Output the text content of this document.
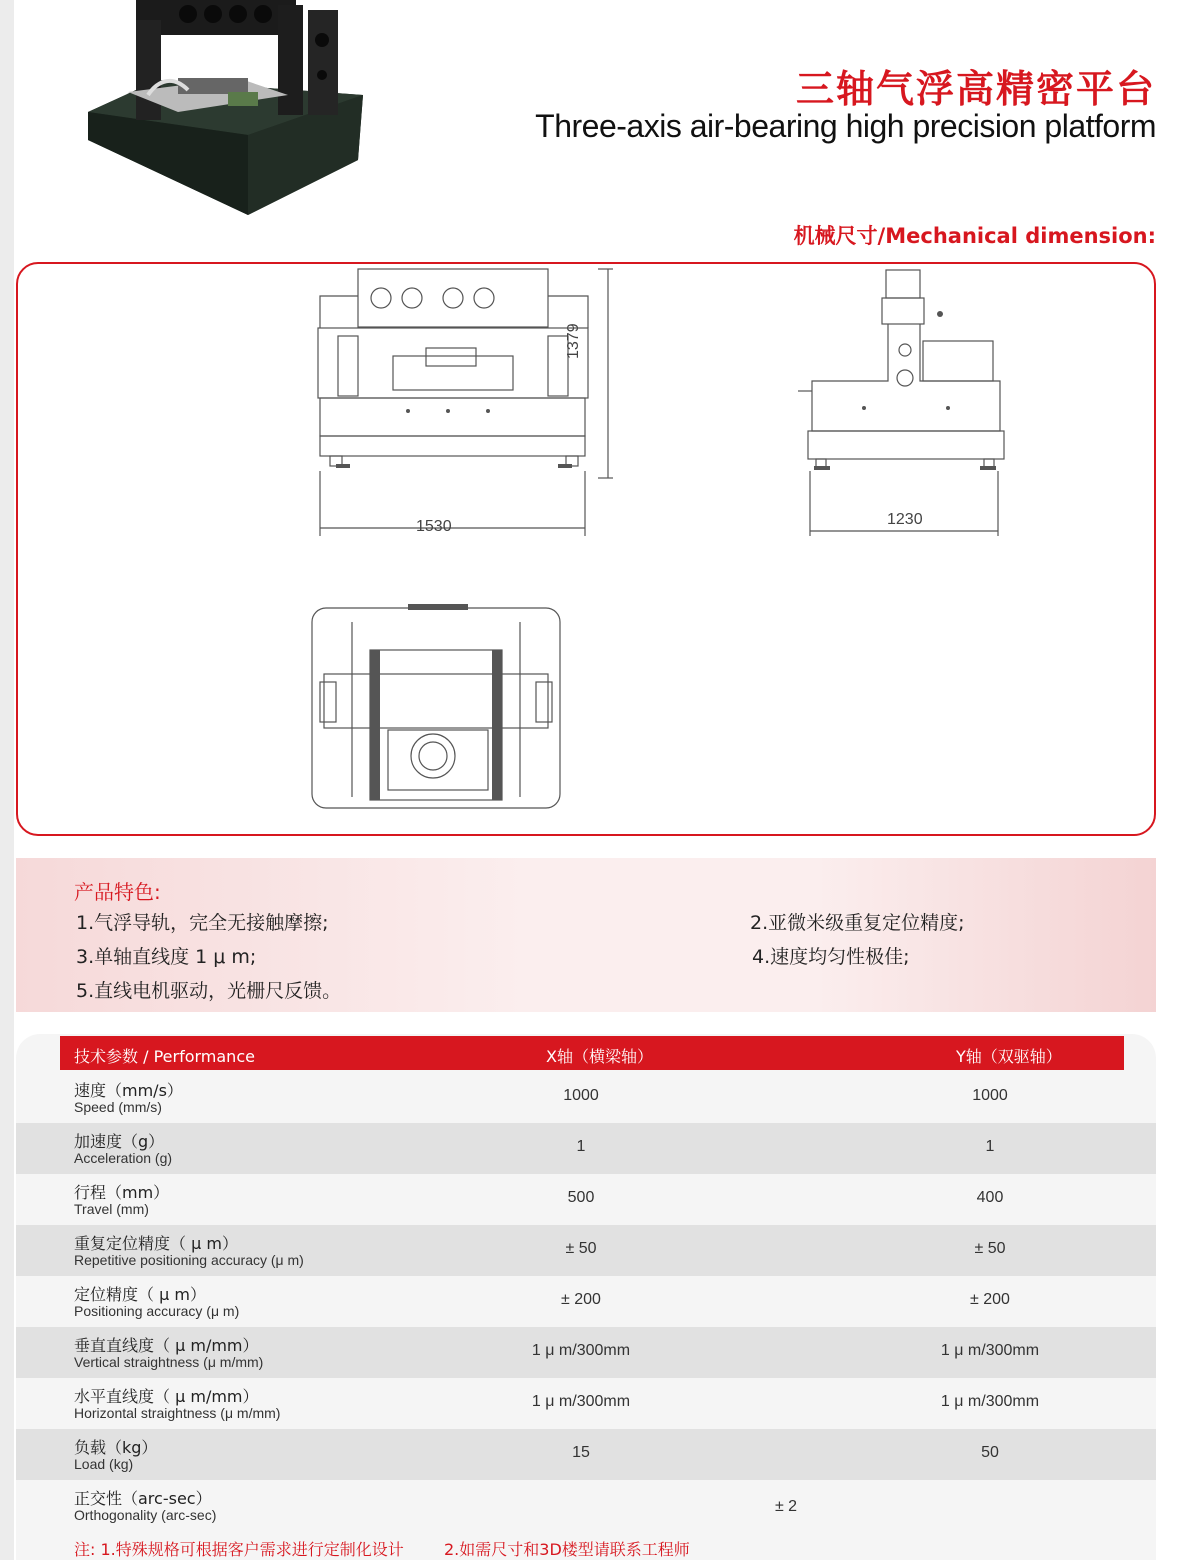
三轴气浮高精密平台
Three-axis air-bearing high precision platform
机械尺寸/Mechanical dimension:
1530
1379
1230
产品特色:
1.气浮导轨，完全无接触摩擦;	2.亚微米级重复定位精度;
3.单轴直线度 1 μ m;	4.速度均匀性极佳;
5.直线电机驱动，光栅尺反馈。
技术参数 / Performance	X轴（横梁轴）	Y轴（双驱轴）
速度（mm/s）
Speed (mm/s)
1000	1000
加速度（g）
Acceleration (g)
1	1
行程（mm）
Travel (mm)
500	400
重复定位精度（ μ m）
Repetitive positioning accuracy (μ m)
± 50	± 50
定位精度（ μ m）
Positioning accuracy (μ m)
± 200	± 200
垂直直线度（ μ m/mm）
Vertical straightness (μ m/mm)
1 μ m/300mm	1 μ m/300mm
水平直线度（ μ m/mm）
Horizontal straightness (μ m/mm)
1 μ m/300mm	1 μ m/300mm
负载（kg）
Load (kg)
15	50
正交性（arc-sec）
Orthogonality (arc-sec)	± 2
注: 1.特殊规格可根据客户需求进行定制化设计	2.如需尺寸和3D楼型请联系工程师
